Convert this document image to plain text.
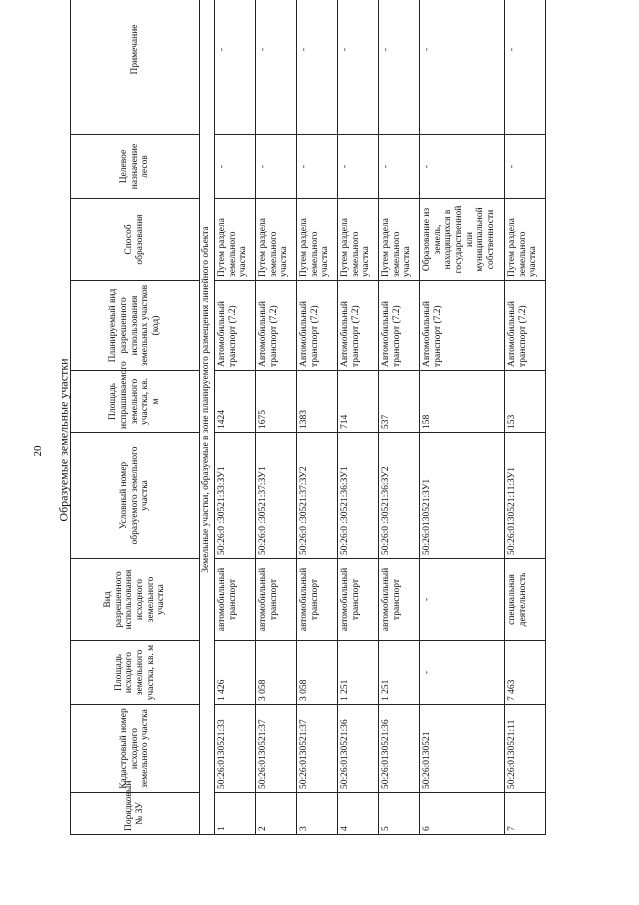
20 Образуемые земельные участки
Порядковый № ЗУ	Кадастровый номер исходного земельного участка	Площадь исходного земельного участка, кв. м	Вид разрешенного использования исходного земельного участка	Условный номер образуемого земельного участка	Площадь испрашиваемого земельного участка, кв. м	Планируемый вид разрешенного использования земельных участков (код)	Способ образования	Целевое назначение лесов	Примечание
Земельные участки, образуемые в зоне планируемого размещения линейного объекта									
1	50:26:0130521:33	1 426	автомобильный транспорт	50:26:0 :30521:33:ЗУ1	1424	Автомобильный транспорт (7.2)	Путем раздела земельного участка	-	-
2	50:26:0130521:37	3 058	автомобильный транспорт	50:26:0 :30521:37:ЗУ1	1675	Автомобильный транспорт (7.2)	Путем раздела земельного участка	-	-
3	50:26:0130521:37	3 058	автомобильный транспорт	50:26:0 :30521:37:ЗУ2	1383	Автомобильный транспорт (7.2)	Путем раздела земельного участка	-	-
4	50:26:0130521:36	1 251	автомобильный транспорт	50:26:0 :30521:36:ЗУ1	714	Автомобильный транспорт (7.2)	Путем раздела земельного участка	-	-
5	50:26:0130521:36	1 251	автомобильный транспорт	50:26:0 :30521:36:ЗУ2	537	Автомобильный транспорт (7.2)	Путем раздела земельного участка	-	-
6	50:26:0130521	-	-	50:26:0130521:ЗУ1	158	Автомобильный транспорт (7.2)	Образование из земель, находящихся в государственной или муниципальной собственности	-	-
7	50:26:0130521:11	7 463	специальная деятельность	50:26:0130521:11:ЗУ1	153	Автомобильный транспорт (7.2)	Путем раздела земельного участка	-	-
